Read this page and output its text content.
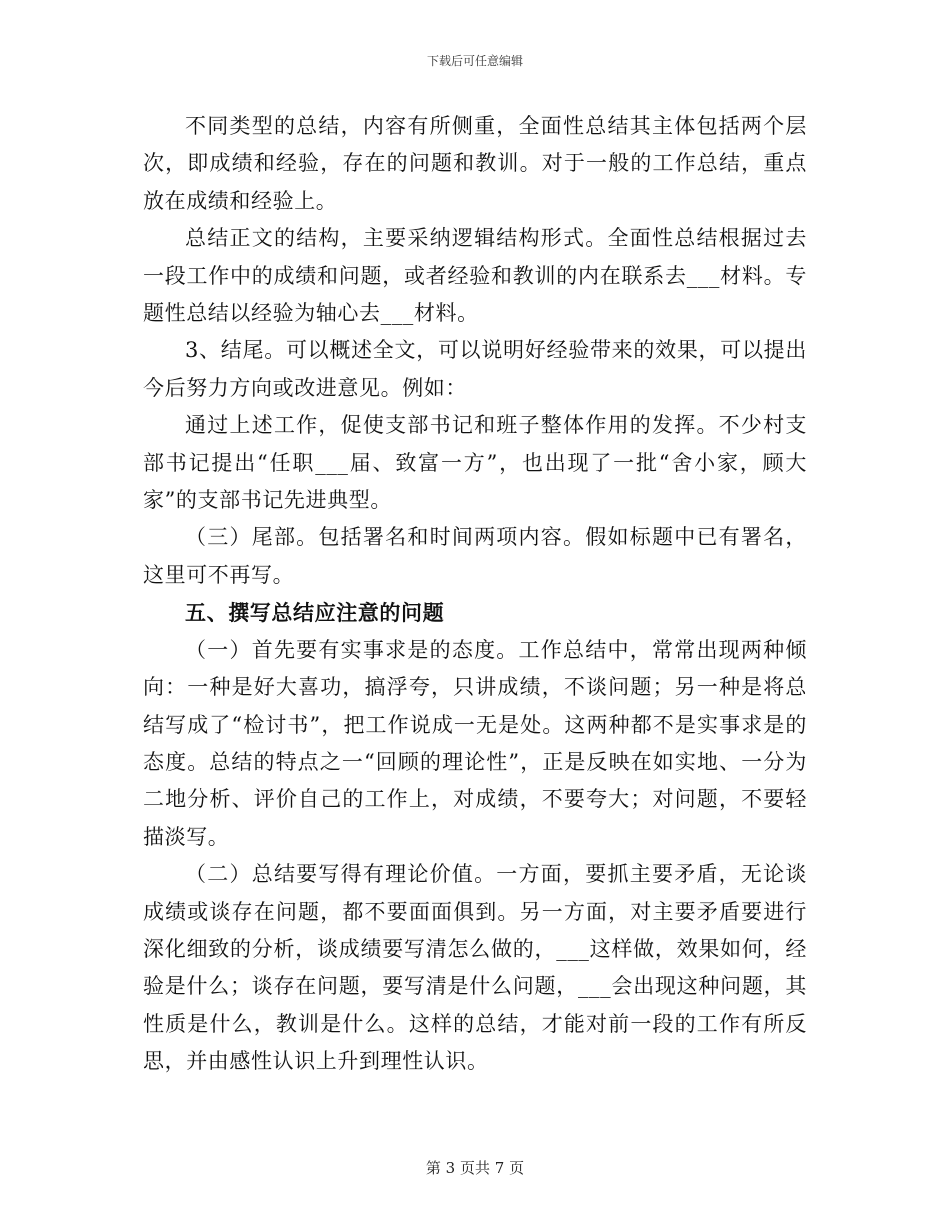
下载后可任意编辑

不同类型的总结，内容有所侧重，全面性总结其主体包括两个层次，即成绩和经验，存在的问题和教训。对于一般的工作总结，重点放在成绩和经验上。

总结正文的结构，主要采纳逻辑结构形式。全面性总结根据过去一段工作中的成绩和问题，或者经验和教训的内在联系去___材料。专题性总结以经验为轴心去___材料。

3、结尾。可以概述全文，可以说明好经验带来的效果，可以提出今后努力方向或改进意见。例如：

通过上述工作，促使支部书记和班子整体作用的发挥。不少村支部书记提出“任职___届、致富一方”，也出现了一批“舍小家，顾大家”的支部书记先进典型。

（三）尾部。包括署名和时间两项内容。假如标题中已有署名，这里可不再写。

五、撰写总结应注意的问题

（一）首先要有实事求是的态度。工作总结中，常常出现两种倾向：一种是好大喜功，搞浮夸，只讲成绩，不谈问题；另一种是将总结写成了“检讨书”，把工作说成一无是处。这两种都不是实事求是的态度。总结的特点之一“回顾的理论性”，正是反映在如实地、一分为二地分析、评价自己的工作上，对成绩，不要夸大；对问题，不要轻描淡写。

（二）总结要写得有理论价值。一方面，要抓主要矛盾，无论谈成绩或谈存在问题，都不要面面俱到。另一方面，对主要矛盾要进行深化细致的分析，谈成绩要写清怎么做的，___这样做，效果如何，经验是什么；谈存在问题，要写清是什么问题，___会出现这种问题，其性质是什么，教训是什么。这样的总结，才能对前一段的工作有所反思，并由感性认识上升到理性认识。

第 3 页共 7 页
